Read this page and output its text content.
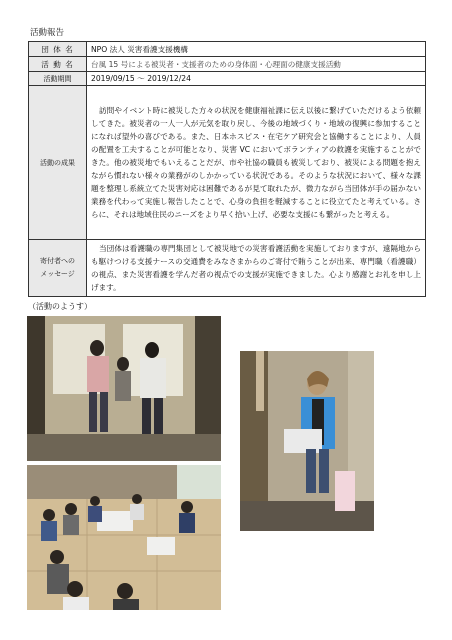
活動報告
団 体 名	NPO 法人 災害看護支援機構
活 動 名	台風 15 号による被災者・支援者のための身体面・心理面の健康支援活動
活動期間	2019/09/15 ～ 2019/12/24
活動の成果	訪問やイベント時に被災した方々の状況を健康福祉課に伝え以後に繋げていただけるよう依頼してきた。被災者の一人一人が元気を取り戻し、今後の地域づくり・地域の復興に参加することになれば望外の喜びである。また、日本ホスピス・在宅ケア研究会と協働することにより、人員の配置を工夫することが可能となり、災害 VC においてボランティアの救護を実施することができた。他の被災地でもいえることだが、市や社協の職員も被災しており、被災による問題を抱えながら慣れない様々の業務がのしかかっている状況である。そのような状況において、様々な課題を整理し系統立てた災害対応は困難であるが見て取れたが、微力ながら当団体が手の届かない業務を代わって実施し報告したことで、心身の負担を軽減することに役立てたと考えている。さらに、それは地域住民のニーズをより早く拾い上げ、必要な支援にも繋がったと考える。
寄付者への
メッセージ	当団体は看護職の専門集団として被災地での災害看護活動を実施しておりますが、遠隔地からも駆けつける支援ナースの交通費をみなさまからのご寄付で賄うことが出来、専門職（看護職）の視点、また災害看護を学んだ者の視点での支援が実施できました。心より感謝とお礼を申し上げます。
（活動のようす）
